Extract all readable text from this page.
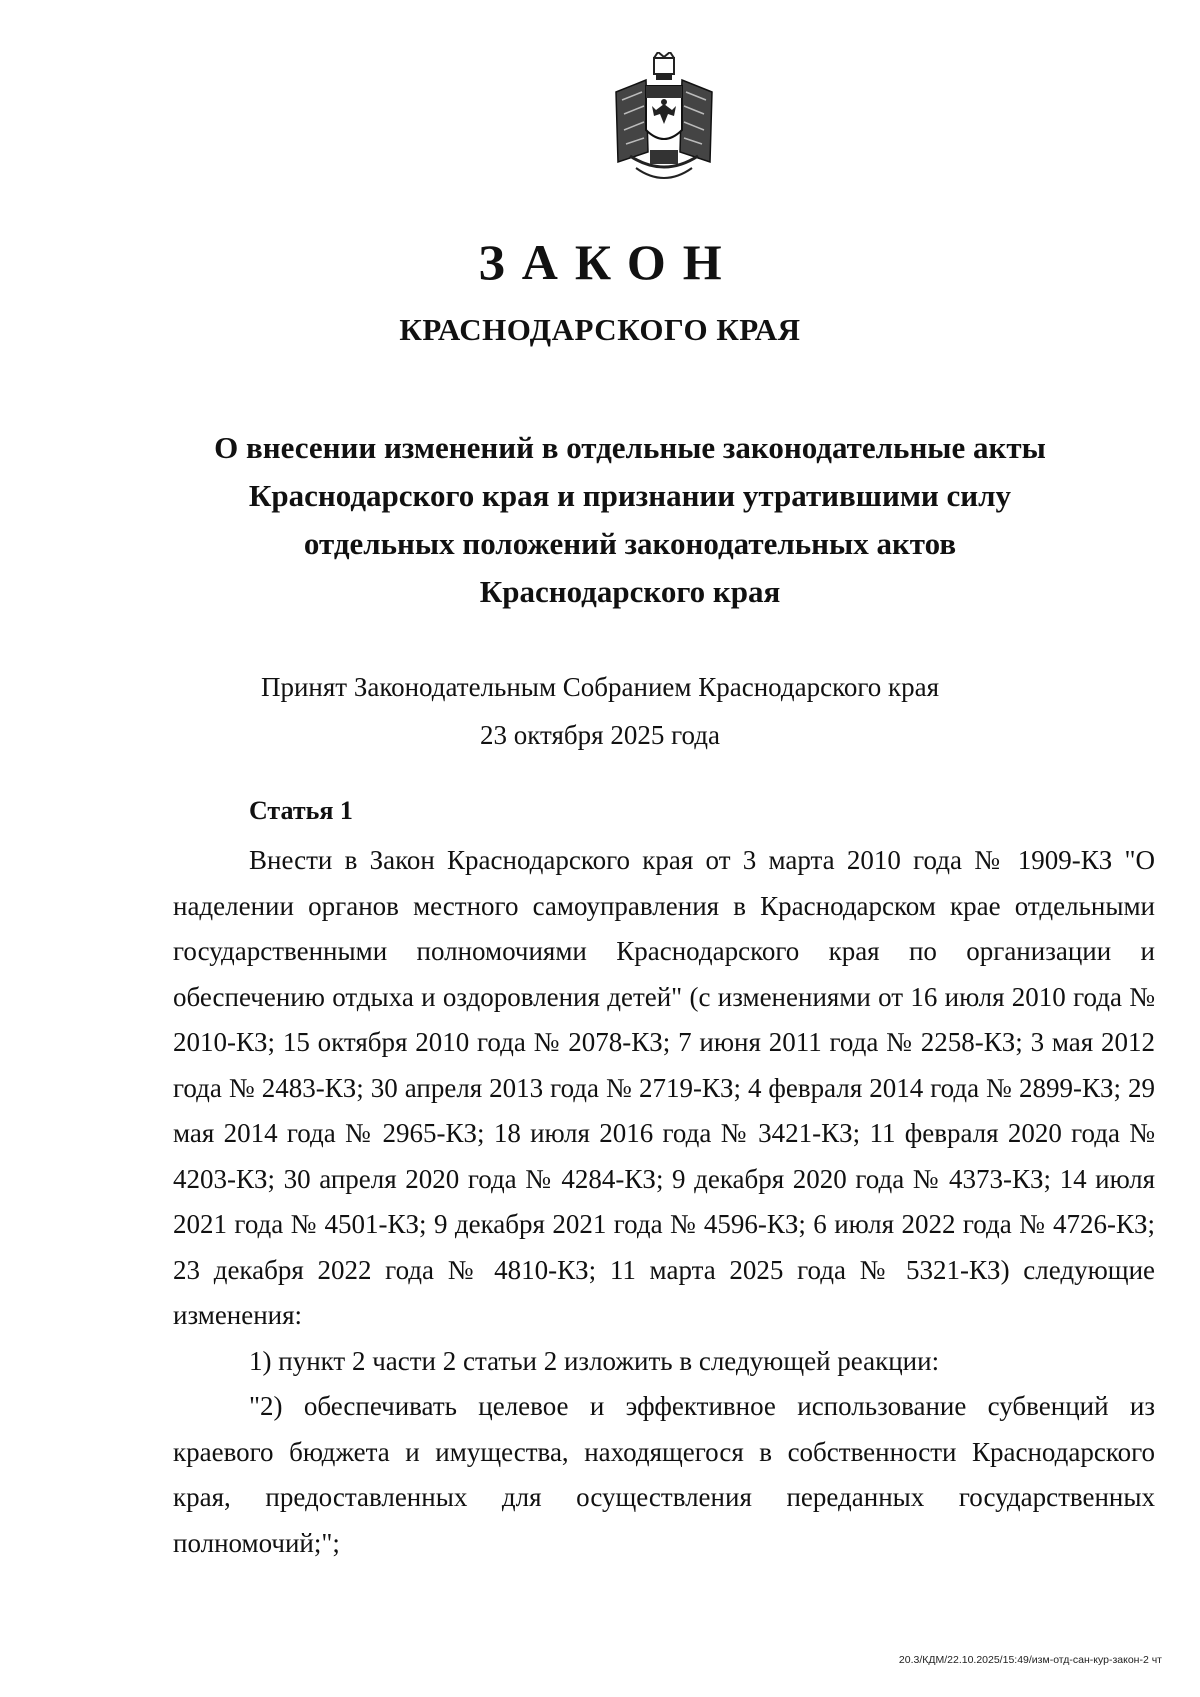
ЗАКОН
КРАСНОДАРСКОГО КРАЯ
О внесении изменений в отдельные законодательные акты
Краснодарского края и признании утратившими силу
отдельных положений законодательных актов
Краснодарского края
Принят Законодательным Собранием Краснодарского края
23 октября 2025 года
Статья 1

Внести в Закон Краснодарского края от 3 марта 2010 года № 1909-КЗ "О наделении органов местного самоуправления в Краснодарском крае отдельными государственными полномочиями Краснодарского края по организации и обеспечению отдыха и оздоровления детей" (с изменениями от 16 июля 2010 года № 2010-КЗ; 15 октября 2010 года № 2078-КЗ; 7 июня 2011 года № 2258-КЗ; 3 мая 2012 года № 2483-КЗ; 30 апреля 2013 года № 2719-КЗ; 4 февраля 2014 года № 2899-КЗ; 29 мая 2014 года № 2965-КЗ; 18 июля 2016 года № 3421-КЗ; 11 февраля 2020 года № 4203-КЗ; 30 апреля 2020 года № 4284-КЗ; 9 декабря 2020 года № 4373-КЗ; 14 июля 2021 года № 4501-КЗ; 9 декабря 2021 года № 4596-КЗ; 6 июля 2022 года № 4726-КЗ; 23 декабря 2022 года № 4810-КЗ; 11 марта 2025 года № 5321-КЗ) следующие изменения:

1) пункт 2 части 2 статьи 2 изложить в следующей реакции:

"2) обеспечивать целевое и эффективное использование субвенций из краевого бюджета и имущества, находящегося в собственности Краснодарского края, предоставленных для осуществления переданных государственных полномочий;";

20.3/КДМ/22.10.2025/15:49/изм-отд-сан-кур-закон-2 чт
